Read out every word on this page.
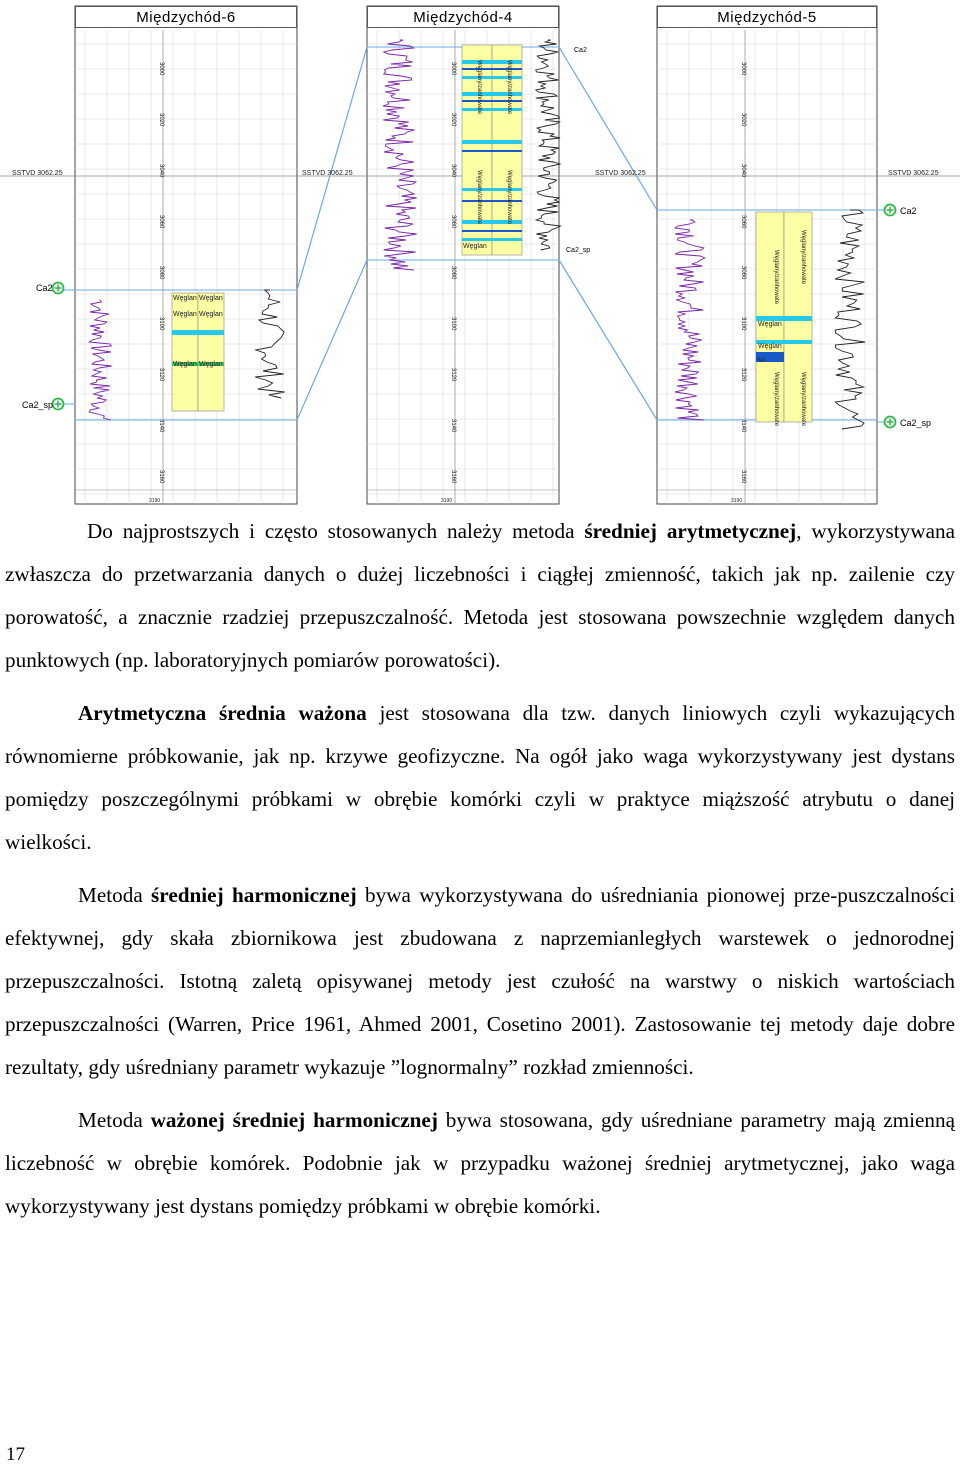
3000
3020
3040
3060
3080
3100
3120
3140
3160
3190
3000
3020
3040
3060
3080
3100
3120
3140
3160
3190
3000
3020
3040
3060
3080
3100
3120
3140
3160
3190
Węglan Węglan
Węglan Węglan
Węglan Węglan
Węglan
Węglan
Węglan
Sól
Węglany/zanhowate	Węglany/zanhowate
Węglany/zanhowate	Węglany/zanhowate
Węglany/zanhowate	Węglany/zanhowate
Węglany/zanhowate	Węglany/zanhowate
Międzychód-6	Międzychód-4	Międzychód-5
SSTVD 3062.25	SSTVD 3062.25	SSTVD 3062.25	SSTVD 3062.25
Ca2
Ca2_sp
Ca2
Ca2_sp
Ca2
Ca2_sp

Do najprostszych i często stosowanych należy metoda średniej arytmetycznej, wykorzystywana zwłaszcza do przetwarzania danych o dużej liczebności i ciągłej zmienność, takich jak np. zailenie czy porowatość, a znacznie rzadziej przepuszczalność. Metoda jest stosowana powszechnie względem danych punktowych (np. laboratoryjnych pomiarów porowatości).

Arytmetyczna średnia ważona jest stosowana dla tzw. danych liniowych czyli wykazujących równomierne próbkowanie, jak np. krzywe geofizyczne. Na ogół jako waga wykorzystywany jest dystans pomiędzy poszczególnymi próbkami w obrębie komórki czyli w praktyce miąższość atrybutu o danej wielkości.

Metoda średniej harmonicznej bywa wykorzystywana do uśredniania pionowej prze-puszczalności efektywnej, gdy skała zbiornikowa jest zbudowana z naprzemianległych warstewek o jednorodnej przepuszczalności. Istotną zaletą opisywanej metody jest czułość na warstwy o niskich wartościach przepuszczalności (Warren, Price 1961, Ahmed 2001, Cosetino 2001). Zastosowanie tej metody daje dobre rezultaty, gdy uśredniany parametr wykazuje ”lognormalny” rozkład zmienności.

Metoda ważonej średniej harmonicznej bywa stosowana, gdy uśredniane parametry mają zmienną liczebność w obrębie komórek. Podobnie jak w przypadku ważonej średniej arytmetycznej, jako waga wykorzystywany jest dystans pomiędzy próbkami w obrębie komórki.

17
